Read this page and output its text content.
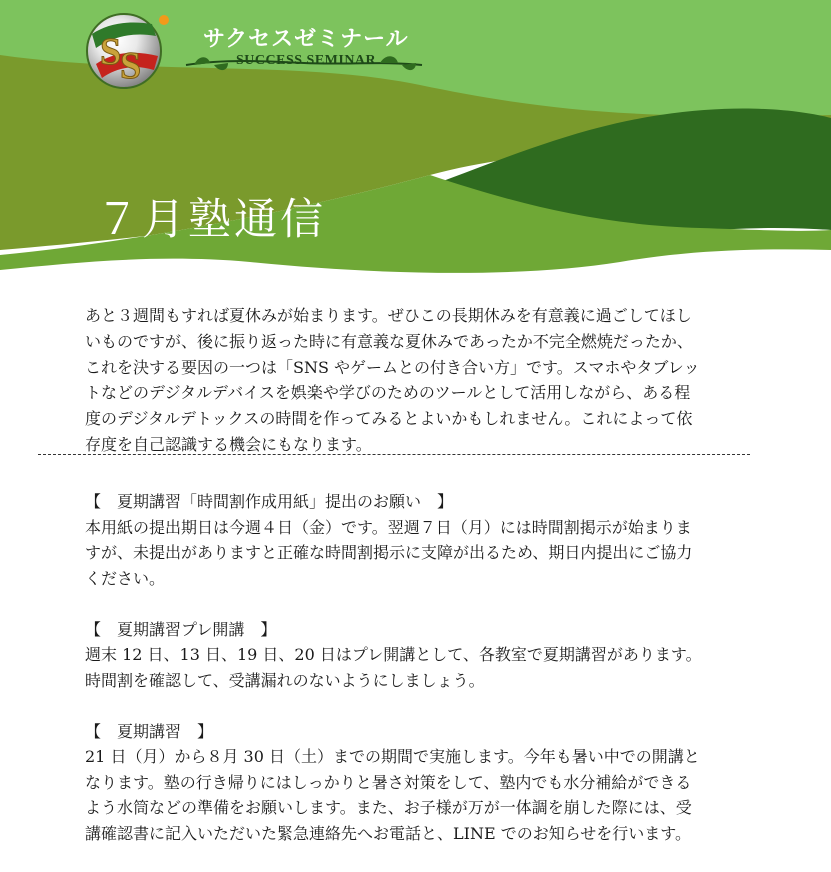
S
S
サクセスゼミナール
SUCCESS SEMINAR
７月塾通信

あと３週間もすれば夏休みが始まります。ぜひこの長期休みを有意義に過ごしてほし

いものですが、後に振り返った時に有意義な夏休みであったか不完全燃焼だったか、

これを決する要因の一つは「SNS やゲームとの付き合い方」です。スマホやタブレッ

トなどのデジタルデバイスを娯楽や学びのためのツールとして活用しながら、ある程

度のデジタルデトックスの時間を作ってみるとよいかもしれません。これによって依

存度を自己認識する機会にもなります。

【　夏期講習「時間割作成用紙」提出のお願い　】

本用紙の提出期日は今週４日（金）です。翌週７日（月）には時間割掲示が始まりま

すが、未提出がありますと正確な時間割掲示に支障が出るため、期日内提出にご協力

ください。

【　夏期講習プレ開講　】

週末 12 日、13 日、19 日、20 日はプレ開講として、各教室で夏期講習があります。

時間割を確認して、受講漏れのないようにしましょう。

【　夏期講習　】

21 日（月）から８月 30 日（土）までの期間で実施します。今年も暑い中での開講と

なります。塾の行き帰りにはしっかりと暑さ対策をして、塾内でも水分補給ができる

よう水筒などの準備をお願いします。また、お子様が万が一体調を崩した際には、受

講確認書に記入いただいた緊急連絡先へお電話と、LINE でのお知らせを行います。
